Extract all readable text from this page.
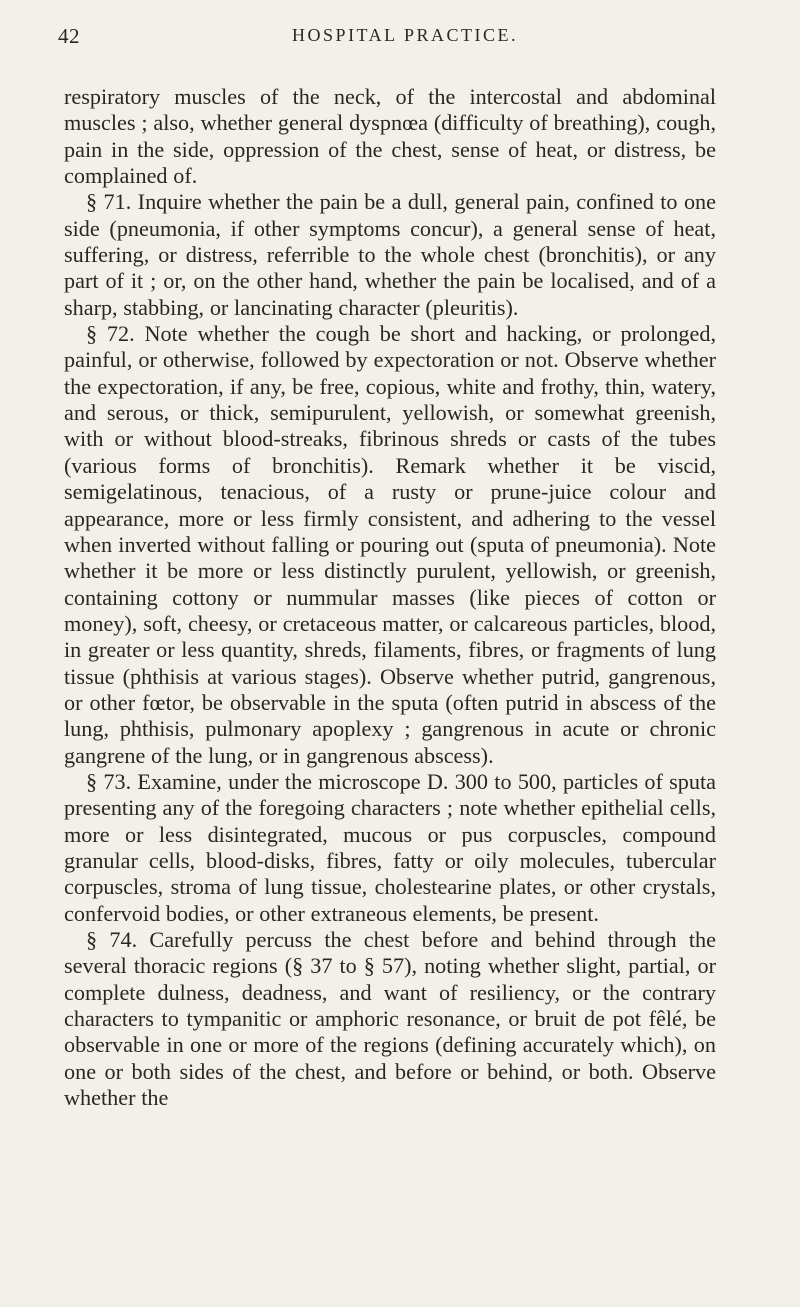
42	HOSPITAL PRACTICE.

respiratory muscles of the neck, of the intercostal and abdominal muscles ; also, whether general dyspnœa (difficulty of breathing), cough, pain in the side, oppression of the chest, sense of heat, or distress, be complained of.

§ 71. Inquire whether the pain be a dull, general pain, confined to one side (pneumonia, if other symptoms concur), a general sense of heat, suffering, or distress, referrible to the whole chest (bronchitis), or any part of it ; or, on the other hand, whether the pain be localised, and of a sharp, stabbing, or lancinating character (pleuritis).

§ 72. Note whether the cough be short and hacking, or prolonged, painful, or otherwise, followed by expectoration or not. Observe whether the expectoration, if any, be free, copious, white and frothy, thin, watery, and serous, or thick, semipurulent, yellowish, or somewhat greenish, with or without blood-streaks, fibrinous shreds or casts of the tubes (various forms of bronchitis). Remark whether it be viscid, semigelatinous, tenacious, of a rusty or prune-juice colour and appearance, more or less firmly consistent, and adhering to the vessel when inverted without falling or pouring out (sputa of pneumonia). Note whether it be more or less distinctly purulent, yellowish, or greenish, containing cottony or nummular masses (like pieces of cotton or money), soft, cheesy, or cretaceous matter, or calcareous particles, blood, in greater or less quantity, shreds, filaments, fibres, or fragments of lung tissue (phthisis at various stages). Observe whether putrid, gangrenous, or other fœtor, be observable in the sputa (often putrid in abscess of the lung, phthisis, pulmonary apoplexy ; gangrenous in acute or chronic gangrene of the lung, or in gangrenous abscess).

§ 73. Examine, under the microscope D. 300 to 500, particles of sputa presenting any of the foregoing characters ; note whether epithelial cells, more or less disintegrated, mucous or pus corpuscles, compound granular cells, blood-disks, fibres, fatty or oily molecules, tubercular corpuscles, stroma of lung tissue, cholestearine plates, or other crystals, confervoid bodies, or other extraneous elements, be present.

§ 74. Carefully percuss the chest before and behind through the several thoracic regions (§ 37 to § 57), noting whether slight, partial, or complete dulness, deadness, and want of resiliency, or the contrary characters to tympanitic or amphoric resonance, or bruit de pot fêlé, be observable in one or more of the regions (defining accurately which), on one or both sides of the chest, and before or behind, or both. Observe whether the
